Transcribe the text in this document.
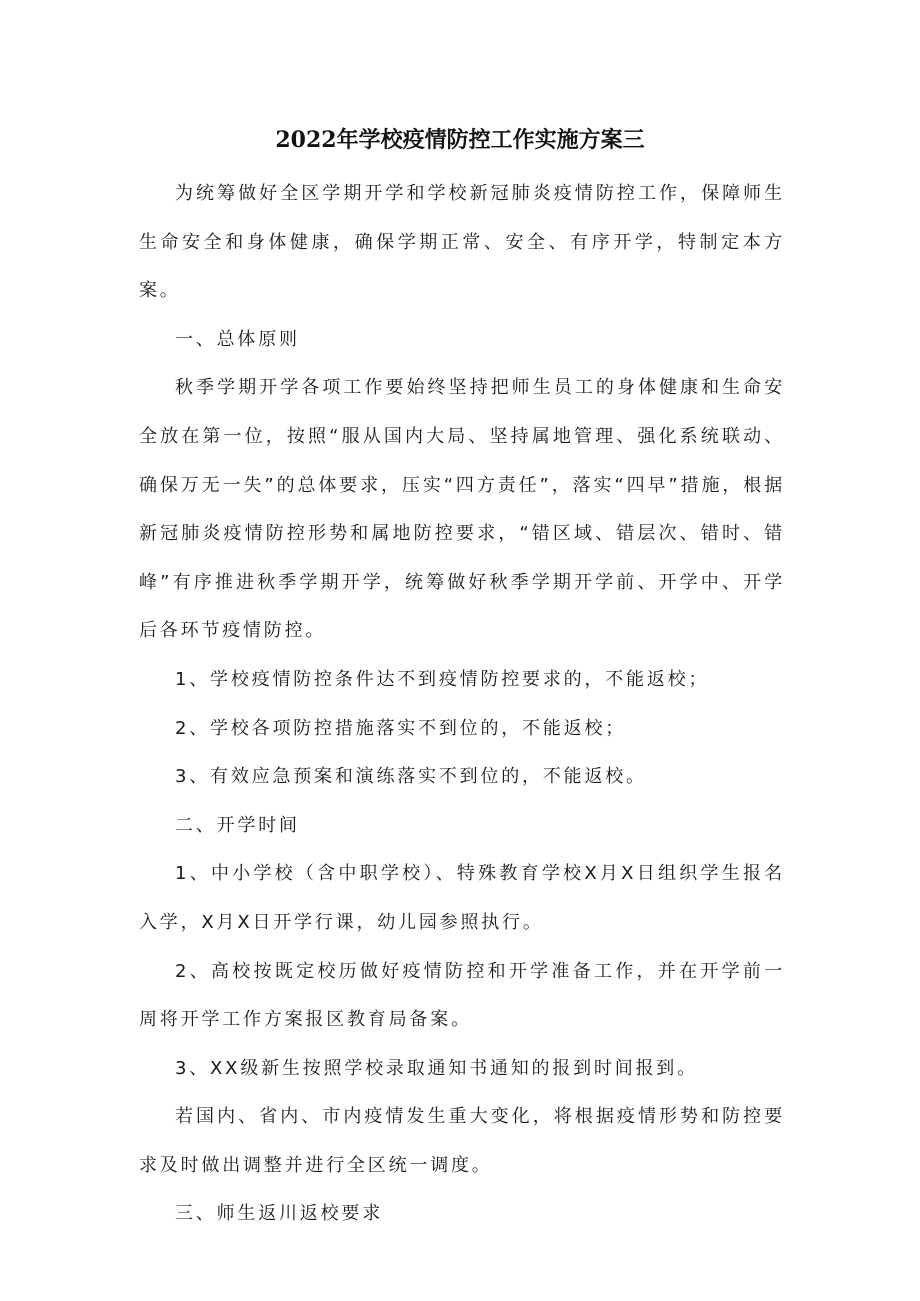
2022年学校疫情防控工作实施方案三

为统筹做好全区学期开学和学校新冠肺炎疫情防控工作，保障师生生命安全和身体健康，确保学期正常、安全、有序开学，特制定本方案。

一、总体原则

秋季学期开学各项工作要始终坚持把师生员工的身体健康和生命安全放在第一位，按照“服从国内大局、坚持属地管理、强化系统联动、确保万无一失”的总体要求，压实“四方责任”，落实“四早”措施，根据新冠肺炎疫情防控形势和属地防控要求，“错区域、错层次、错时、错峰”有序推进秋季学期开学，统筹做好秋季学期开学前、开学中、开学后各环节疫情防控。

1、学校疫情防控条件达不到疫情防控要求的，不能返校；

2、学校各项防控措施落实不到位的，不能返校；

3、有效应急预案和演练落实不到位的，不能返校。

二、开学时间

1、中小学校（含中职学校）、特殊教育学校X月X日组织学生报名入学，X月X日开学行课，幼儿园参照执行。

2、高校按既定校历做好疫情防控和开学准备工作，并在开学前一周将开学工作方案报区教育局备案。

3、XX级新生按照学校录取通知书通知的报到时间报到。

若国内、省内、市内疫情发生重大变化，将根据疫情形势和防控要求及时做出调整并进行全区统一调度。

三、师生返川返校要求
